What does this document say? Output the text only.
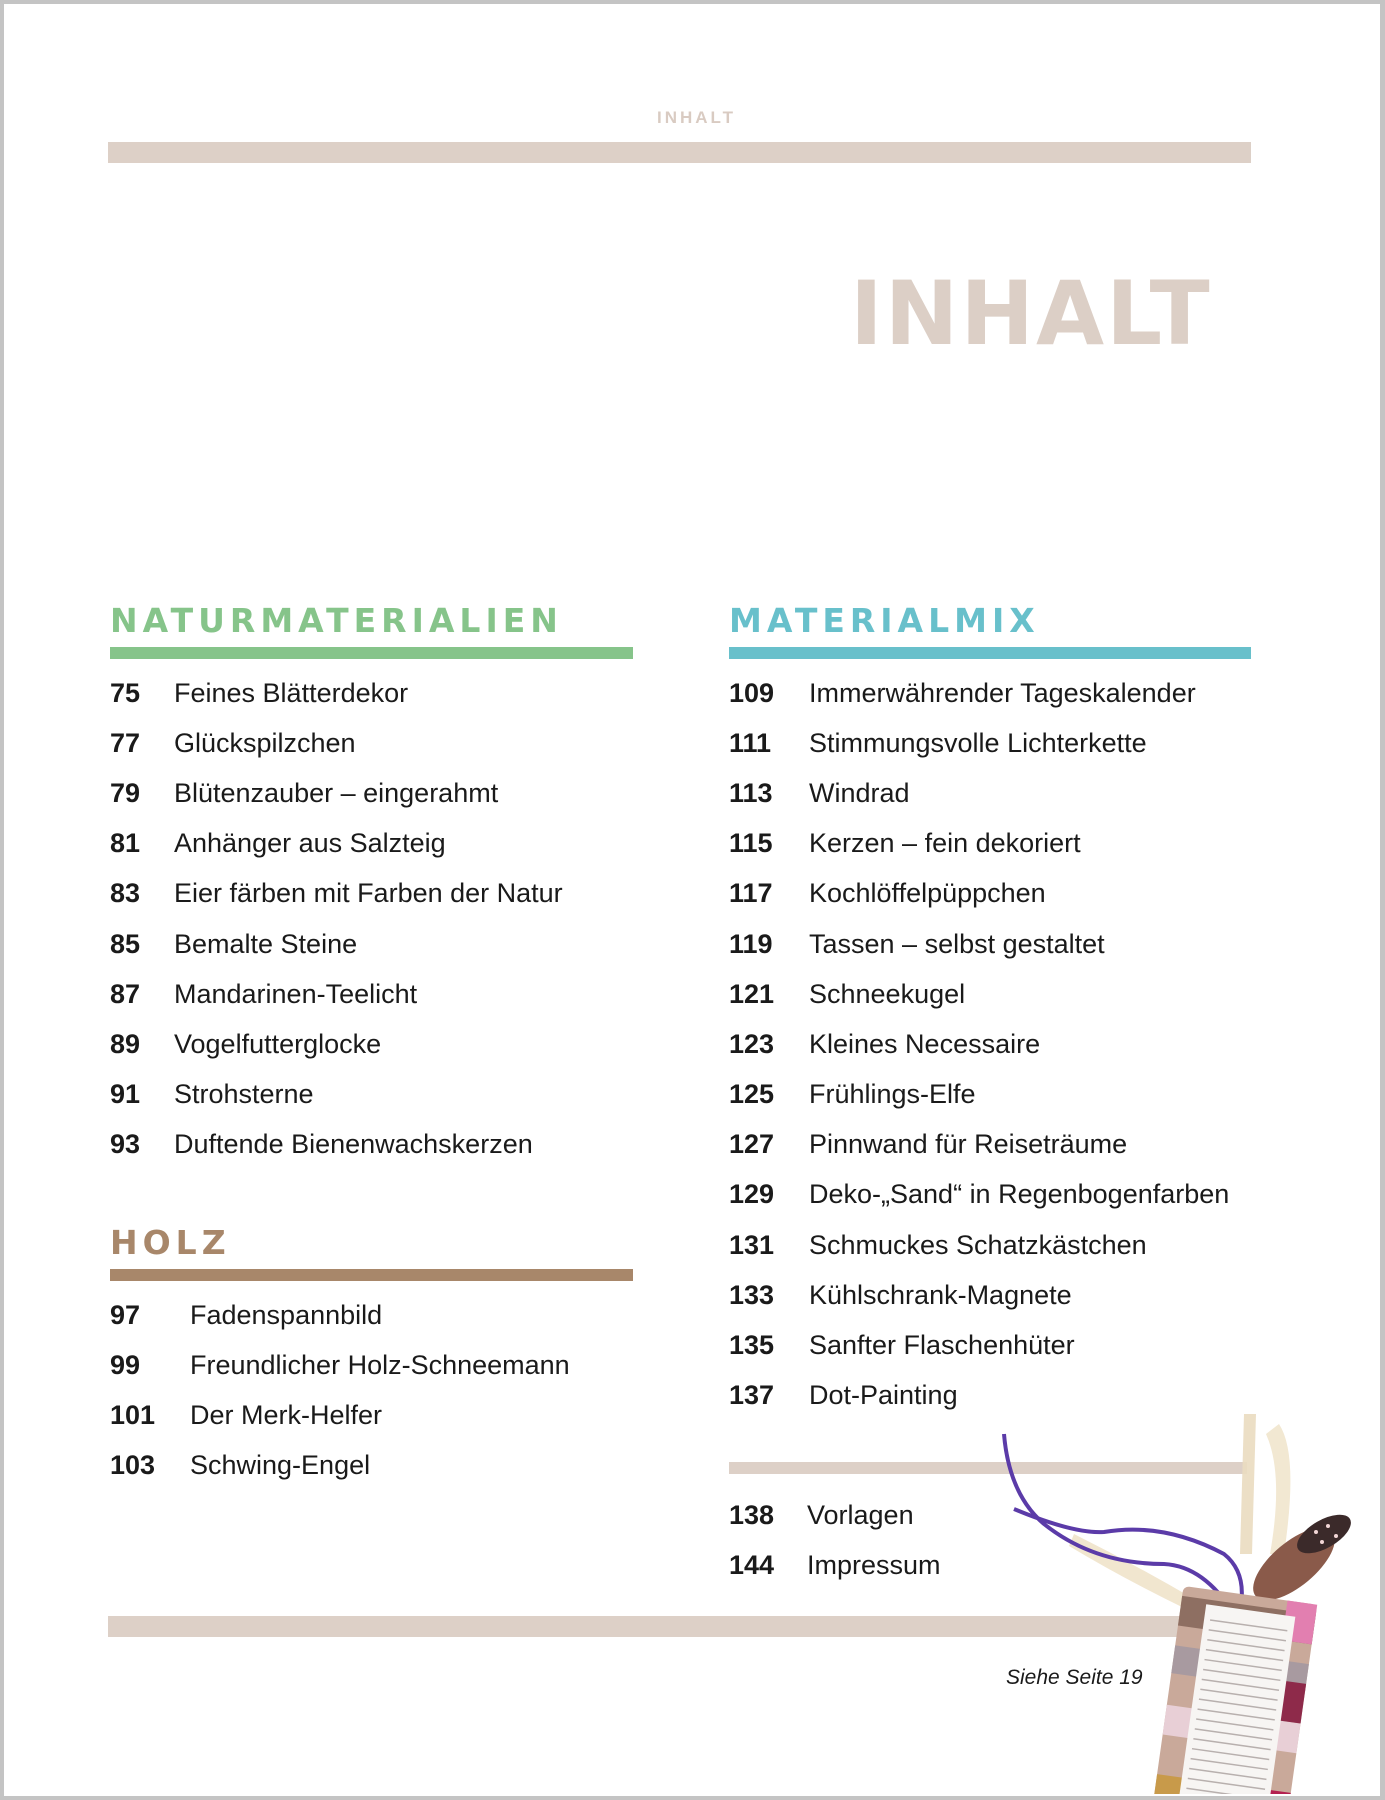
INHALT
INHALT
NATURMATERIALIEN
75	Feines Blätterdekor
77	Glückspilzchen
79	Blütenzauber – eingerahmt
81	Anhänger aus Salzteig
83	Eier färben mit Farben der Natur
85	Bemalte Steine
87	Mandarinen-Teelicht
89	Vogelfutterglocke
91	Strohsterne
93	Duftende Bienenwachskerzen
HOLZ
97	Fadenspannbild
99	Freundlicher Holz-Schneemann
101	Der Merk-Helfer
103	Schwing-Engel
MATERIALMIX
109	Immerwährender Tageskalender
111	Stimmungsvolle Lichterkette
113	Windrad
115	Kerzen – fein dekoriert
117	Kochlöffelpüppchen
119	Tassen – selbst gestaltet
121	Schneekugel
123	Kleines Necessaire
125	Frühlings-Elfe
127	Pinnwand für Reiseträume
129	Deko-„Sand“ in Regenbogenfarben
131	Schmuckes Schatzkästchen
133	Kühlschrank-Magnete
135	Sanfter Flaschenhüter
137	Dot-Painting
138	Vorlagen
144	Impressum
Siehe Seite 19
